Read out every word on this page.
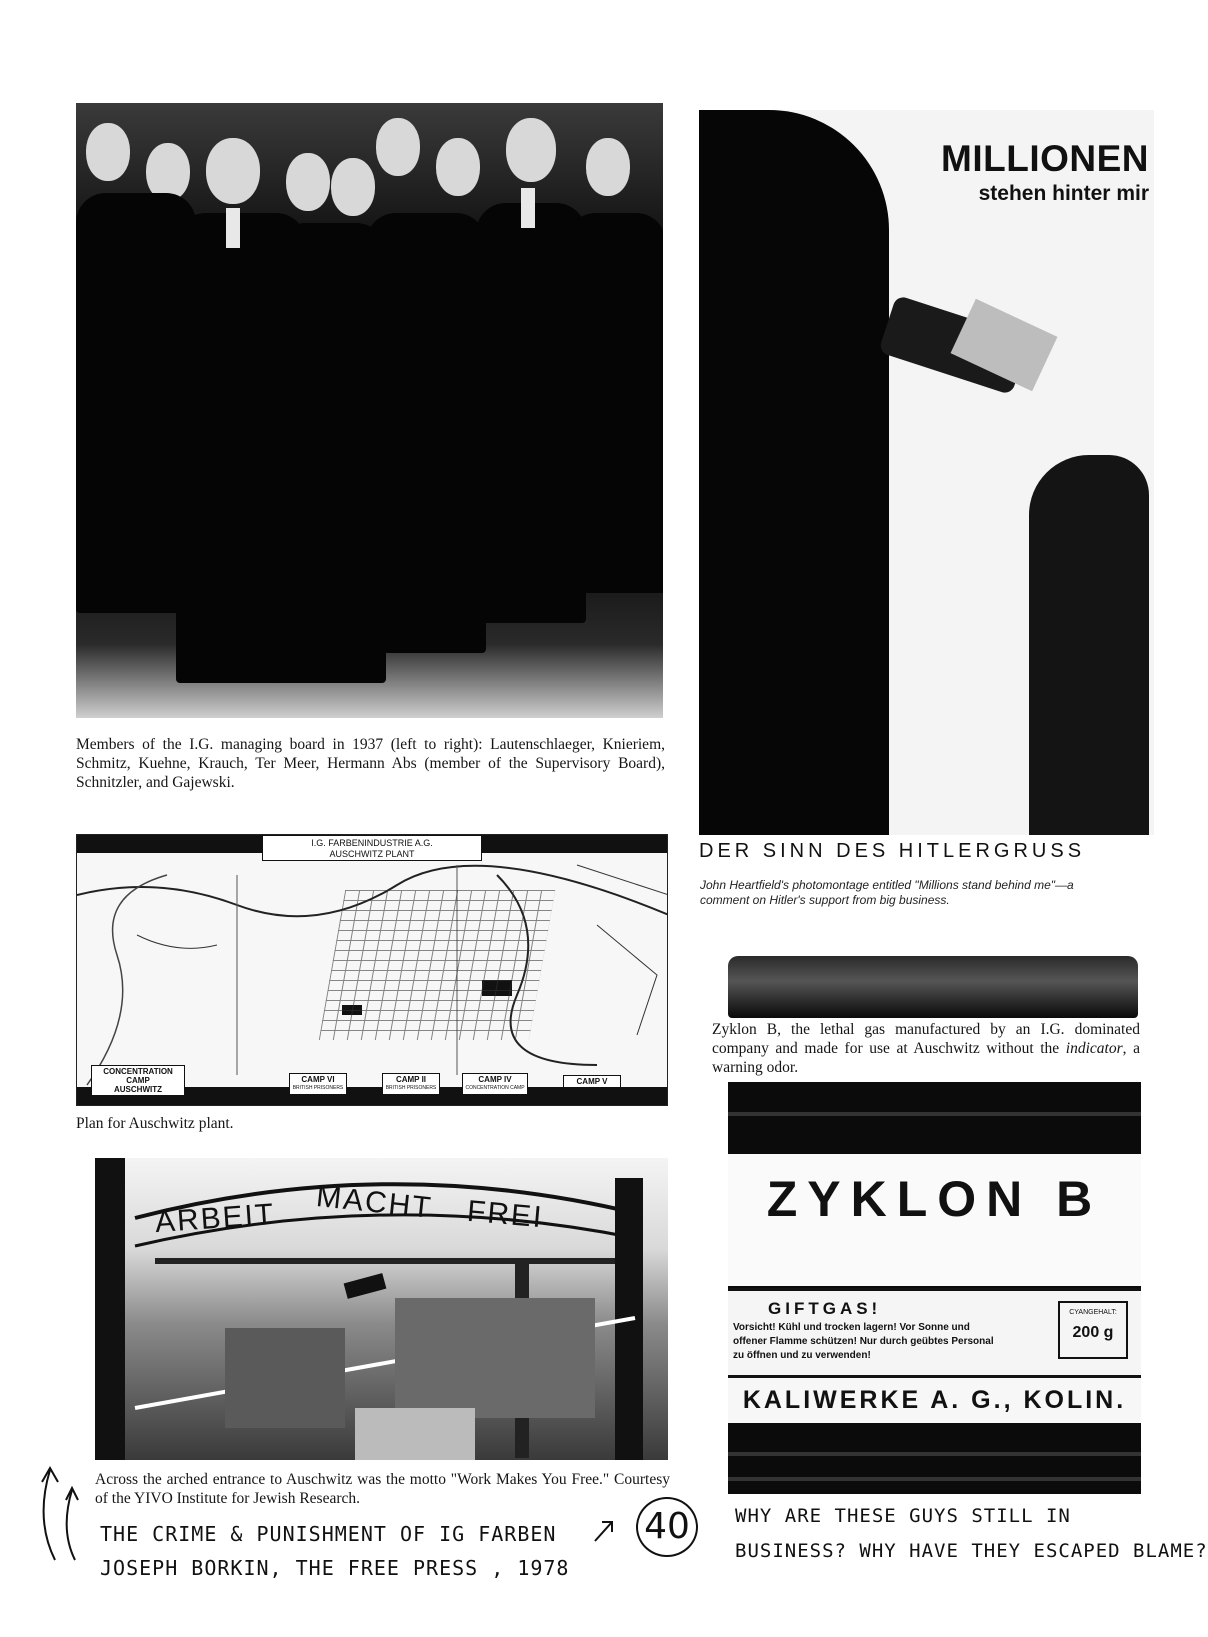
Members of the I.G. managing board in 1937 (left to right): Lautenschlaeger, Knieriem, Schmitz, Kuehne, Krauch, Ter Meer, Hermann Abs (member of the Supervisory Board), Schnitzler, and Gajewski.
MILLIONEN
stehen hinter mir
DER SINN DES HITLERGRUSS
John Heartfield's photomontage entitled "Millions stand behind me"—a comment on Hitler's support from big business.
I.G. FARBENINDUSTRIE A.G.
AUSCHWITZ PLANT
CONCENTRATION CAMP
AUSCHWITZ
CAMP VI
BRITISH PRISONERS
CAMP II
BRITISH PRISONERS
CAMP IV
CONCENTRATION CAMP
CAMP V
Plan for Auschwitz plant.
ARBEIT MACHT FREI
Across the arched entrance to Auschwitz was the motto "Work Makes You Free." Courtesy of the YIVO Institute for Jewish Research.
Zyklon B, the lethal gas manufactured by an I.G. dominated company and made for use at Auschwitz without the indicator, a warning odor.
ZYKLON B
GIFTGAS!
Vorsicht! Kühl und trocken lagern! Vor Sonne und offener Flamme schützen! Nur durch geübtes Personal zu öffnen und zu verwenden!
CYANGEHALT:
200 g
KALIWERKE A. G., KOLIN.
THE CRIME & PUNISHMENT OF IG FARBEN
JOSEPH BORKIN, THE FREE PRESS , 1978
40	WHY ARE THESE GUYS STILL IN
BUSINESS? WHY HAVE THEY ESCAPED BLAME?
